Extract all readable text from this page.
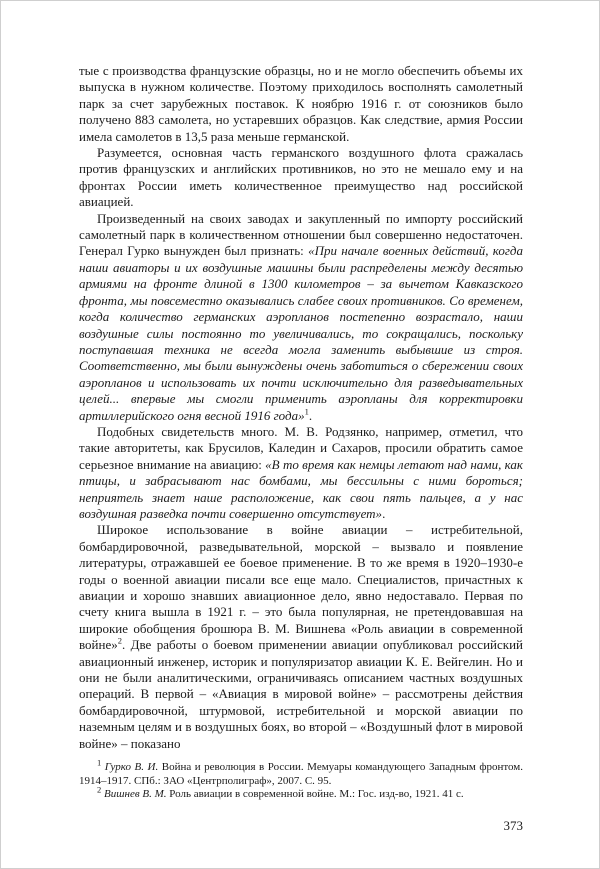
тые с производства французские образцы, но и не могло обеспечить объемы их выпуска в нужном количестве. Поэтому приходилось восполнять самолетный парк за счет зарубежных поставок. К ноябрю 1916 г. от союзников было получено 883 самолета, но устаревших образцов. Как следствие, армия России имела самолетов в 13,5 раза меньше германской.

Разумеется, основная часть германского воздушного флота сражалась против французских и английских противников, но это не мешало ему и на фронтах России иметь количественное преимущество над российской авиацией.

Произведенный на своих заводах и закупленный по импорту российский самолетный парк в количественном отношении был совершенно недостаточен. Генерал Гурко вынужден был признать: «При начале военных действий, когда наши авиаторы и их воздушные машины были распределены между десятью армиями на фронте длиной в 1300 километров – за вычетом Кавказского фронта, мы повсеместно оказывались слабее своих противников. Со временем, когда количество германских аэропланов постепенно возрастало, наши воздушные силы постоянно то увеличивались, то сокращались, поскольку поступавшая техника не всегда могла заменить выбывшие из строя. Соответственно, мы были вынуждены очень заботиться о сбережении своих аэропланов и использовать их почти исключительно для разведывательных целей... впервые мы смогли применить аэропланы для корректировки артиллерийского огня весной 1916 года»$^1$.

Подобных свидетельств много. М. В. Родзянко, например, отметил, что такие авторитеты, как Брусилов, Каледин и Сахаров, просили обратить самое серьезное внимание на авиацию: «В то время как немцы летают над нами, как птицы, и забрасывают нас бомбами, мы бессильны с ними бороться; неприятель знает наше расположение, как свои пять пальцев, а у нас воздушная разведка почти совершенно отсутствует».

Широкое использование в войне авиации – истребительной, бомбардировочной, разведывательной, морской – вызвало и появление литературы, отражавшей ее боевое применение. В то же время в 1920–1930-е годы о военной авиации писали все еще мало. Специалистов, причастных к авиации и хорошо знавших авиационное дело, явно недоставало. Первая по счету книга вышла в 1921 г. – это была популярная, не претендовавшая на широкие обобщения брошюра В. М. Вишнева «Роль авиации в современной войне»$^2$. Две работы о боевом применении авиации опубликовал российский авиационный инженер, историк и популяризатор авиации К. Е. Вейгелин. Но и они не были аналитическими, ограничиваясь описанием частных воздушных операций. В первой – «Авиация в мировой войне» – рассмотрены действия бомбардировочной, штурмовой, истребительной и морской авиации по наземным целям и в воздушных боях, во второй – «Воздушный флот в мировой войне» – показано

$^1$ Гурко В. И. Война и революция в России. Мемуары командующего Западным фронтом. 1914–1917. СПб.: ЗАО «Центрполиграф», 2007. С. 95.

$^2$ Вишнев В. М. Роль авиации в современной войне. М.: Гос. изд-во, 1921. 41 с.

373
